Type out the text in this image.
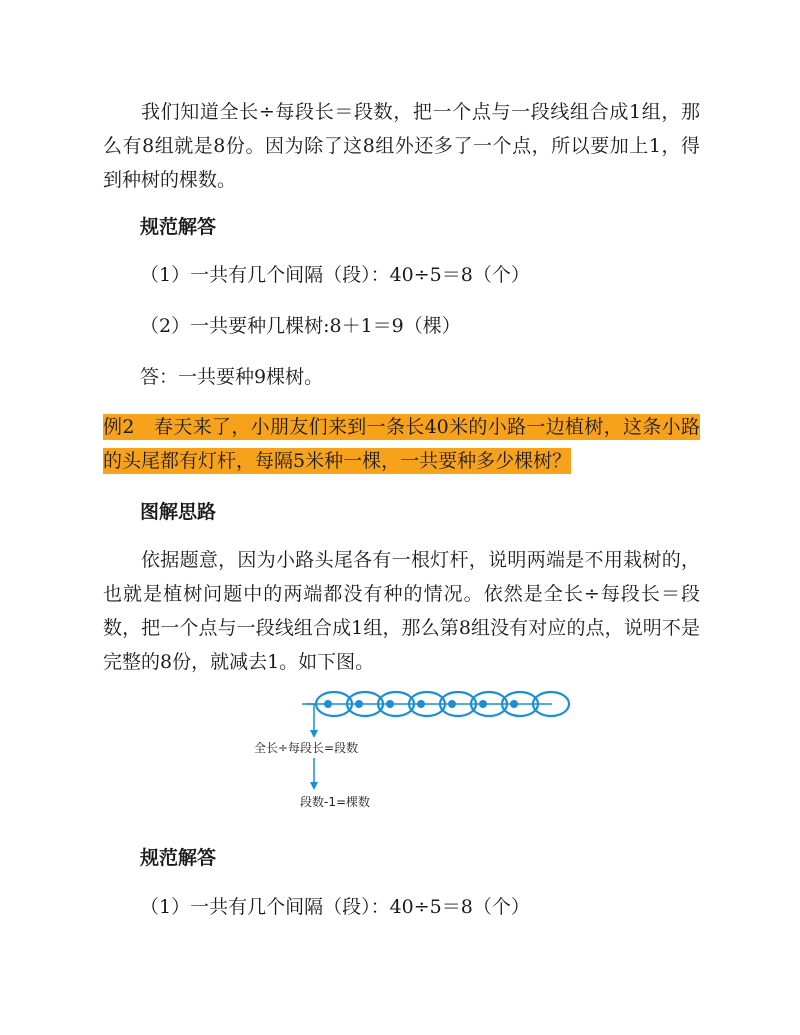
我们知道全长÷每段长＝段数，把一个点与一段线组合成1组，那么有8组就是8份。因为除了这8组外还多了一个点，所以要加上1，得到种树的棵数。

规范解答
（1）一共有几个间隔（段）：40÷5＝8（个）
（2）一共要种几棵树:8＋1＝9（棵）
答：一共要种9棵树。

例2　春天来了，小朋友们来到一条长40米的小路一边植树，这条小路的头尾都有灯杆，每隔5米种一棵，一共要种多少棵树？

图解思路

依据题意，因为小路头尾各有一根灯杆，说明两端是不用栽树的，也就是植树问题中的两端都没有种的情况。依然是全长÷每段长＝段数，把一个点与一段线组合成1组，那么第8组没有对应的点，说明不是完整的8份，就减去1。如下图。

全长÷每段长=段数
段数-1=棵数
规范解答
（1）一共有几个间隔（段）：40÷5＝8（个）
